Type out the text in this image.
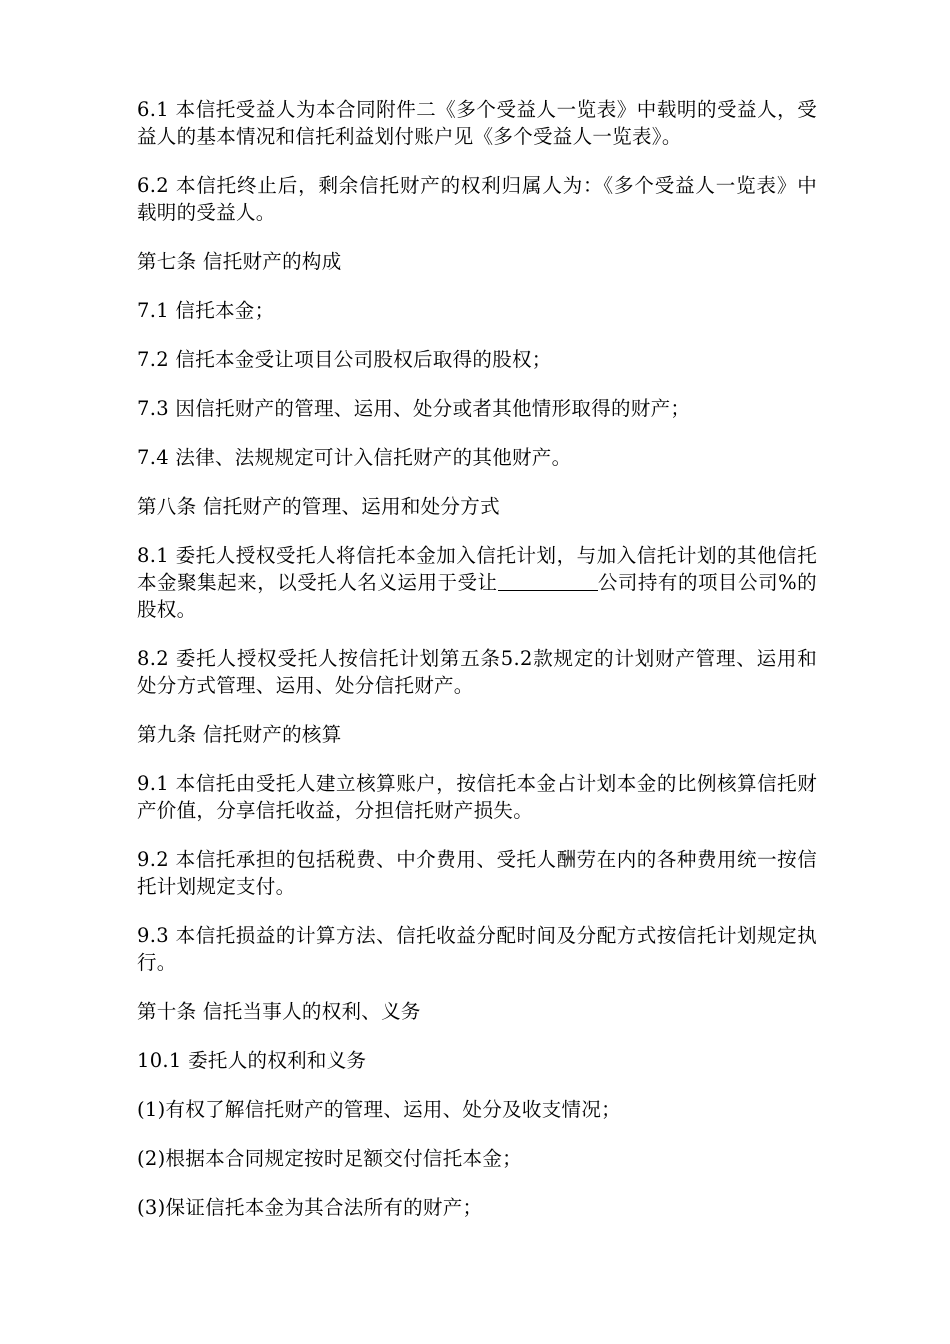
6.1 本信托受益人为本合同附件二《多个受益人一览表》中载明的受益人，受益人的基本情况和信托利益划付账户见《多个受益人一览表》。

6.2 本信托终止后，剩余信托财产的权利归属人为：《多个受益人一览表》中载明的受益人。

第七条 信托财产的构成

7.1 信托本金；

7.2 信托本金受让项目公司股权后取得的股权；

7.3 因信托财产的管理、运用、处分或者其他情形取得的财产；

7.4 法律、法规规定可计入信托财产的其他财产。

第八条 信托财产的管理、运用和处分方式

8.1 委托人授权受托人将信托本金加入信托计划，与加入信托计划的其他信托本金聚集起来，以受托人名义运用于受让	公司持有的项目公司%的股权。

8.2 委托人授权受托人按信托计划第五条5.2款规定的计划财产管理、运用和处分方式管理、运用、处分信托财产。

第九条 信托财产的核算

9.1 本信托由受托人建立核算账户，按信托本金占计划本金的比例核算信托财产价值，分享信托收益，分担信托财产损失。

9.2 本信托承担的包括税费、中介费用、受托人酬劳在内的各种费用统一按信托计划规定支付。

9.3 本信托损益的计算方法、信托收益分配时间及分配方式按信托计划规定执行。

第十条 信托当事人的权利、义务

10.1 委托人的权利和义务

(1)有权了解信托财产的管理、运用、处分及收支情况；

(2)根据本合同规定按时足额交付信托本金；

(3)保证信托本金为其合法所有的财产；
